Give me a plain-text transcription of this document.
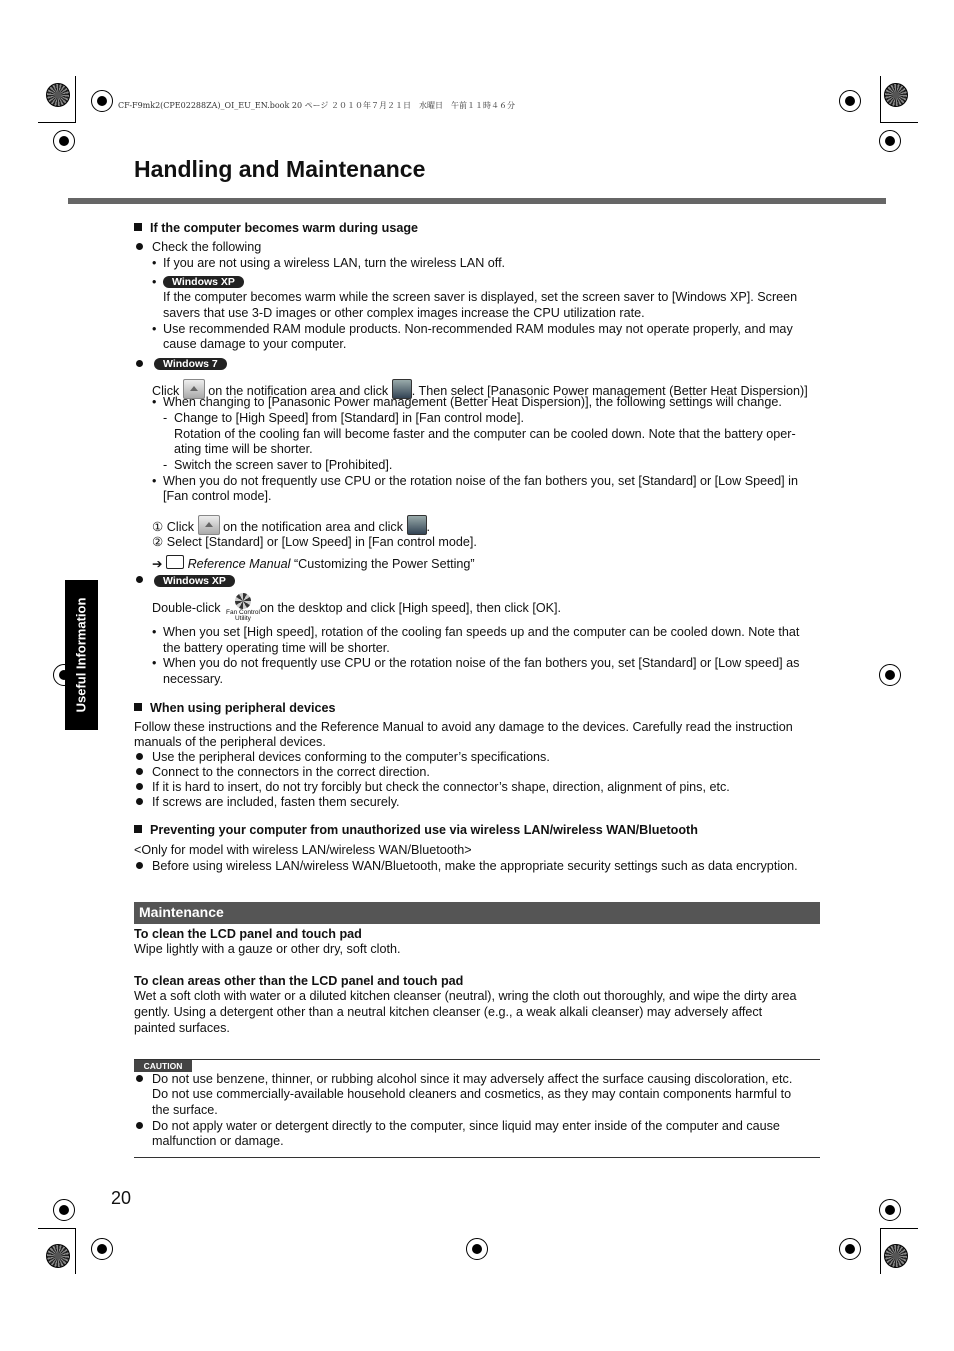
CF-F9mk2(CPE02288ZA)_OI_EU_EN.book 20 ページ ２０１０年７月２１日　水曜日　午前１１時４６分
Handling and Maintenance
Useful Information
If the computer becomes warm during usage
Check the following
• If you are not using a wireless LAN, turn the wireless LAN off.
•	Windows XP
If the computer becomes warm while the screen saver is displayed, set the screen saver to [Windows XP]. Screen
savers that use 3-D images or other complex images increase the CPU utilization rate.
• Use recommended RAM module products. Non-recommended RAM modules may not operate properly, and may
cause damage to your computer.
Windows 7
Click on the notification area and click . Then select [Panasonic Power management (Better Heat Dispersion)]
• When changing to [Panasonic Power management (Better Heat Dispersion)], the following settings will change.
- Change to [High Speed] from [Standard] in [Fan control mode].
Rotation of the cooling fan will become faster and the computer can be cooled down. Note that the battery oper-
ating time will be shorter.
- Switch the screen saver to [Prohibited].
• When you do not frequently use CPU or the rotation noise of the fan bothers you, set [Standard] or [Low Speed] in
[Fan control mode].
① Click on the notification area and click .
② Select [Standard] or [Low Speed] in [Fan control mode].
➔ Reference Manual “Customizing the Power Setting”
Windows XP
Double-click Fan Control Utility
on the desktop and click [High speed], then click [OK].
• When you set [High speed], rotation of the cooling fan speeds up and the computer can be cooled down. Note that
the battery operating time will be shorter.
• When you do not frequently use CPU or the rotation noise of the fan bothers you, set [Standard] or [Low speed] as
necessary.
When using peripheral devices
Follow these instructions and the Reference Manual to avoid any damage to the devices. Carefully read the instruction
manuals of the peripheral devices.
Use the peripheral devices conforming to the computer’s specifications.
Connect to the connectors in the correct direction.
If it is hard to insert, do not try forcibly but check the connector’s shape, direction, alignment of pins, etc.
If screws are included, fasten them securely.
Preventing your computer from unauthorized use via wireless LAN/wireless WAN/Bluetooth
<Only for model with wireless LAN/wireless WAN/Bluetooth>
Before using wireless LAN/wireless WAN/Bluetooth, make the appropriate security settings such as data encryption.
Maintenance
To clean the LCD panel and touch pad
Wipe lightly with a gauze or other dry, soft cloth.
To clean areas other than the LCD panel and touch pad
Wet a soft cloth with water or a diluted kitchen cleanser (neutral), wring the cloth out thoroughly, and wipe the dirty area
gently. Using a detergent other than a neutral kitchen cleanser (e.g., a weak alkali cleanser) may adversely affect
painted surfaces.
CAUTION
Do not use benzene, thinner, or rubbing alcohol since it may adversely affect the surface causing discoloration, etc.
Do not use commercially-available household cleaners and cosmetics, as they may contain components harmful to
the surface.
Do not apply water or detergent directly to the computer, since liquid may enter inside of the computer and cause
malfunction or damage.
20
